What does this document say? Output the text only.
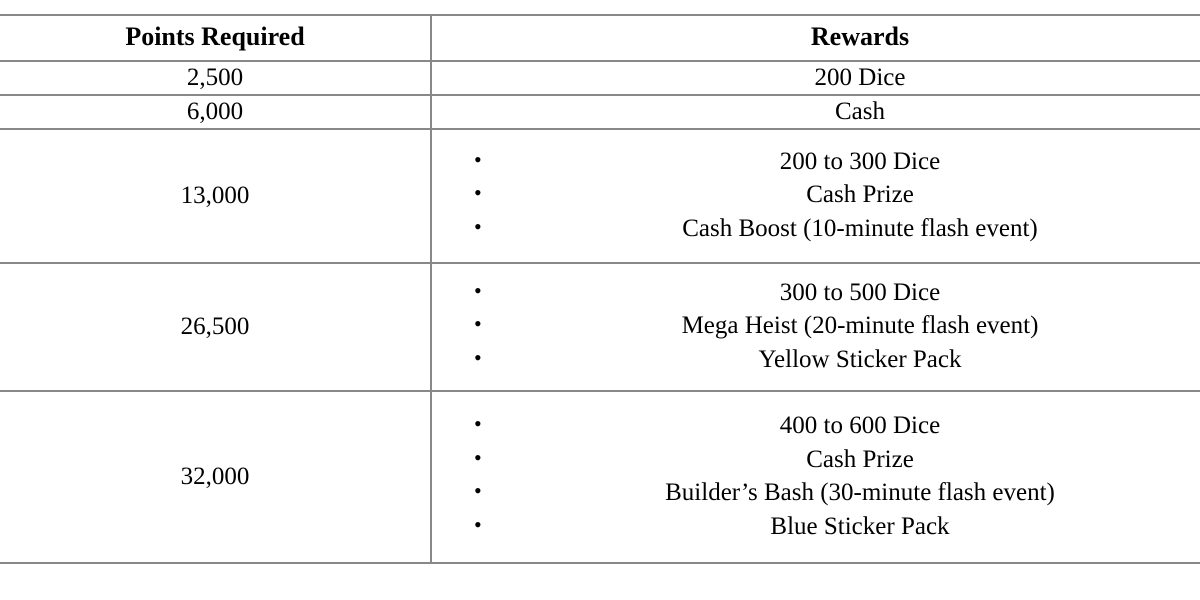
Points Required	Rewards
2,500	200 Dice

6,000	Cash

13,000	
• 200 to 300 Dice
• Cash Prize
• Cash Boost (10-minute flash event)

26,500	
• 300 to 500 Dice
• Mega Heist (20-minute flash event)
• Yellow Sticker Pack

32,000	
• 400 to 600 Dice
• Cash Prize
• Builder’s Bash (30-minute flash event)
• Blue Sticker Pack
